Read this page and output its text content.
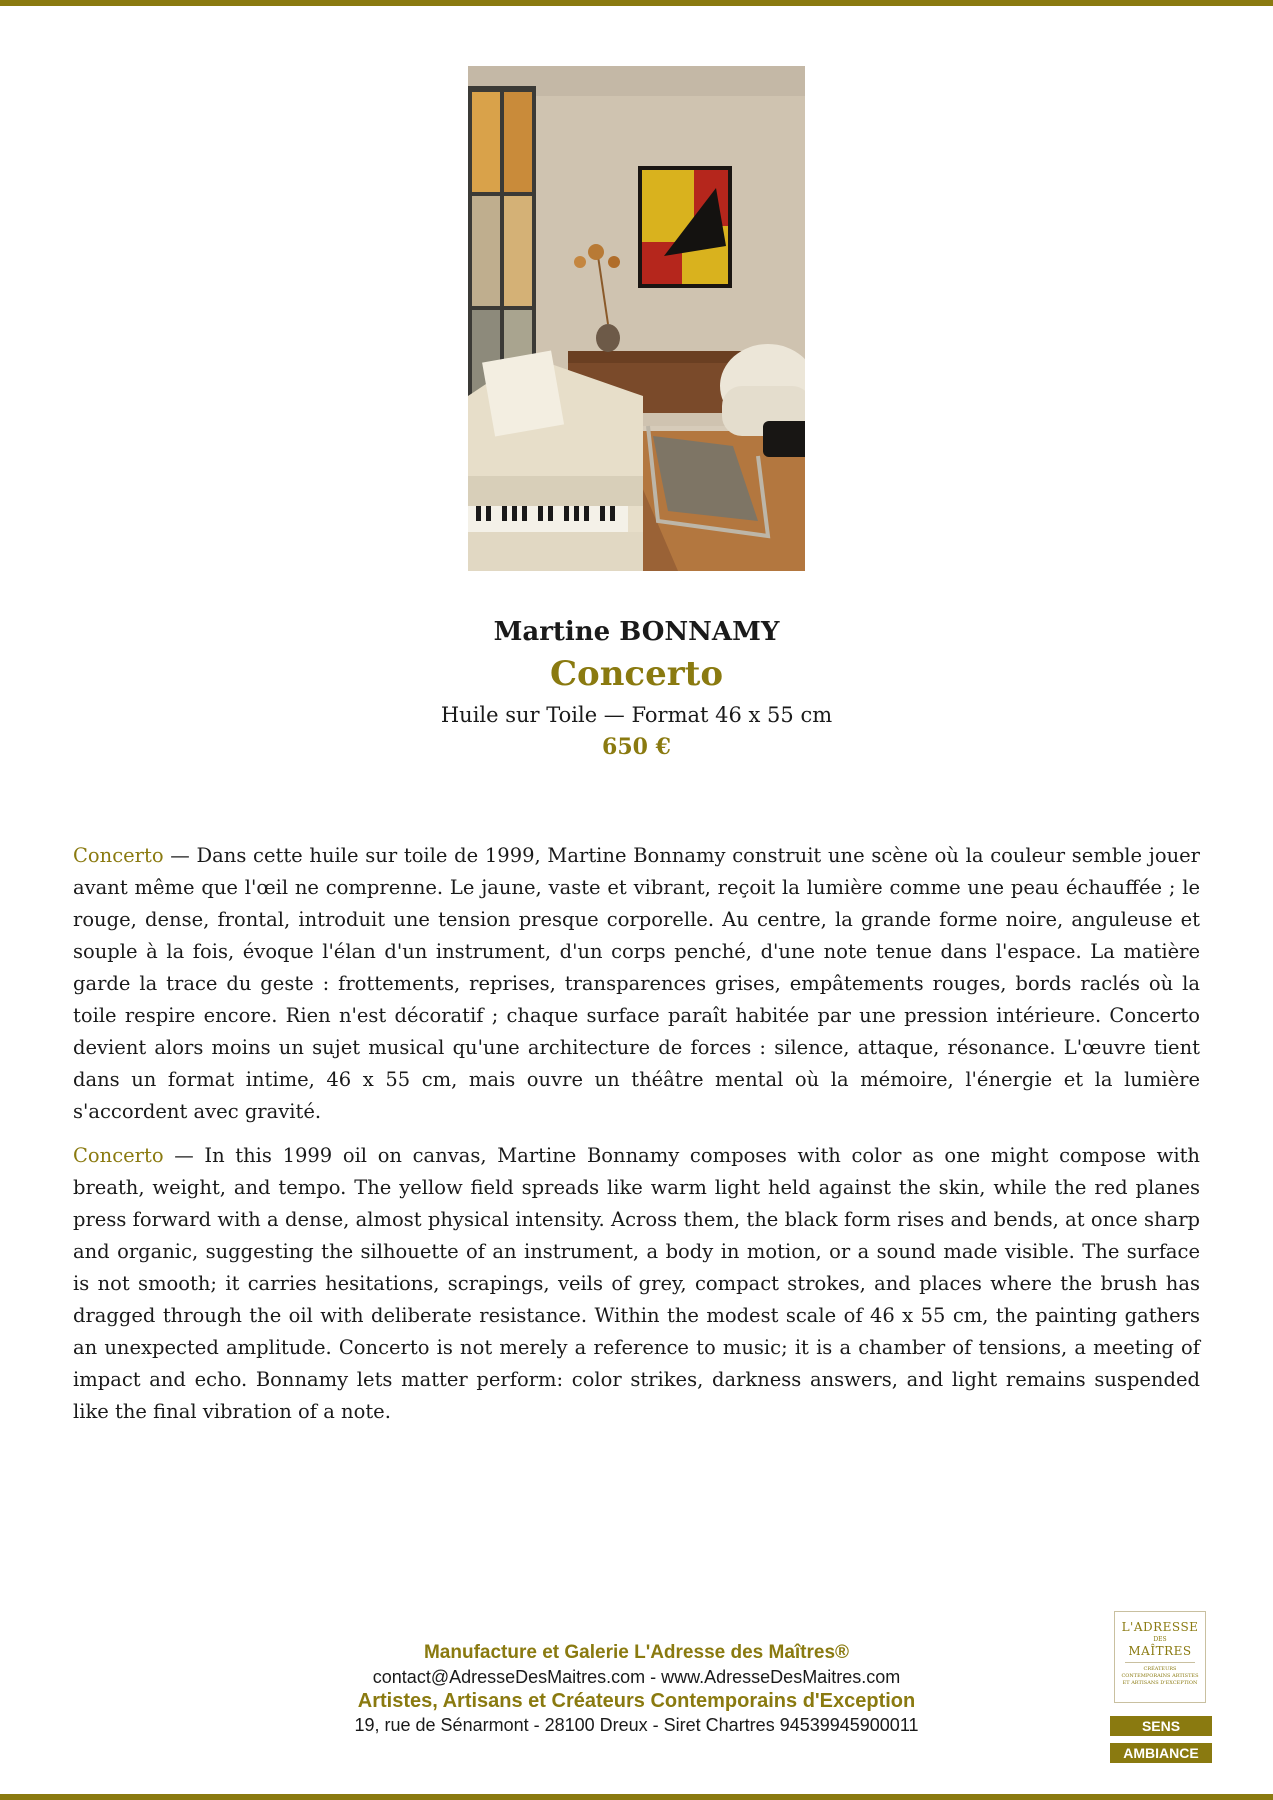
Martine BONNAMY
Concerto
Huile sur Toile — Format 46 x 55 cm
650 €

Concerto — Dans cette huile sur toile de 1999, Martine Bonnamy construit une scène où la couleur semble jouer avant même que l'œil ne comprenne. Le jaune, vaste et vibrant, reçoit la lumière comme une peau échauffée ; le rouge, dense, frontal, introduit une tension presque corporelle. Au centre, la grande forme noire, anguleuse et souple à la fois, évoque l'élan d'un instrument, d'un corps penché, d'une note tenue dans l'espace. La matière garde la trace du geste : frottements, reprises, transparences grises, empâtements rouges, bords raclés où la toile respire encore. Rien n'est décoratif ; chaque surface paraît habitée par une pression intérieure. Concerto devient alors moins un sujet musical qu'une architecture de forces : silence, attaque, résonance. L'œuvre tient dans un format intime, 46 x 55 cm, mais ouvre un théâtre mental où la mémoire, l'énergie et la lumière s'accordent avec gravité.

Concerto — In this 1999 oil on canvas, Martine Bonnamy composes with color as one might compose with breath, weight, and tempo. The yellow field spreads like warm light held against the skin, while the red planes press forward with a dense, almost physical intensity. Across them, the black form rises and bends, at once sharp and organic, suggesting the silhouette of an instrument, a body in motion, or a sound made visible. The surface is not smooth; it carries hesitations, scrapings, veils of grey, compact strokes, and places where the brush has dragged through the oil with deliberate resistance. Within the modest scale of 46 x 55 cm, the painting gathers an unexpected amplitude. Concerto is not merely a reference to music; it is a chamber of tensions, a meeting of impact and echo. Bonnamy lets matter perform: color strikes, darkness answers, and light remains suspended like the final vibration of a note.

Manufacture et Galerie L'Adresse des Maîtres®
contact@AdresseDesMaitres.com - www.AdresseDesMaitres.com
Artistes, Artisans et Créateurs Contemporains d'Exception
19, rue de Sénarmont - 28100 Dreux - Siret Chartres 94539945900011
L'ADRESSE
DES
MAÎTRES
CRÉATEURS CONTEMPORAINS ARTISTES ET ARTISANS D'EXCEPTION
SENS
AMBIANCE
